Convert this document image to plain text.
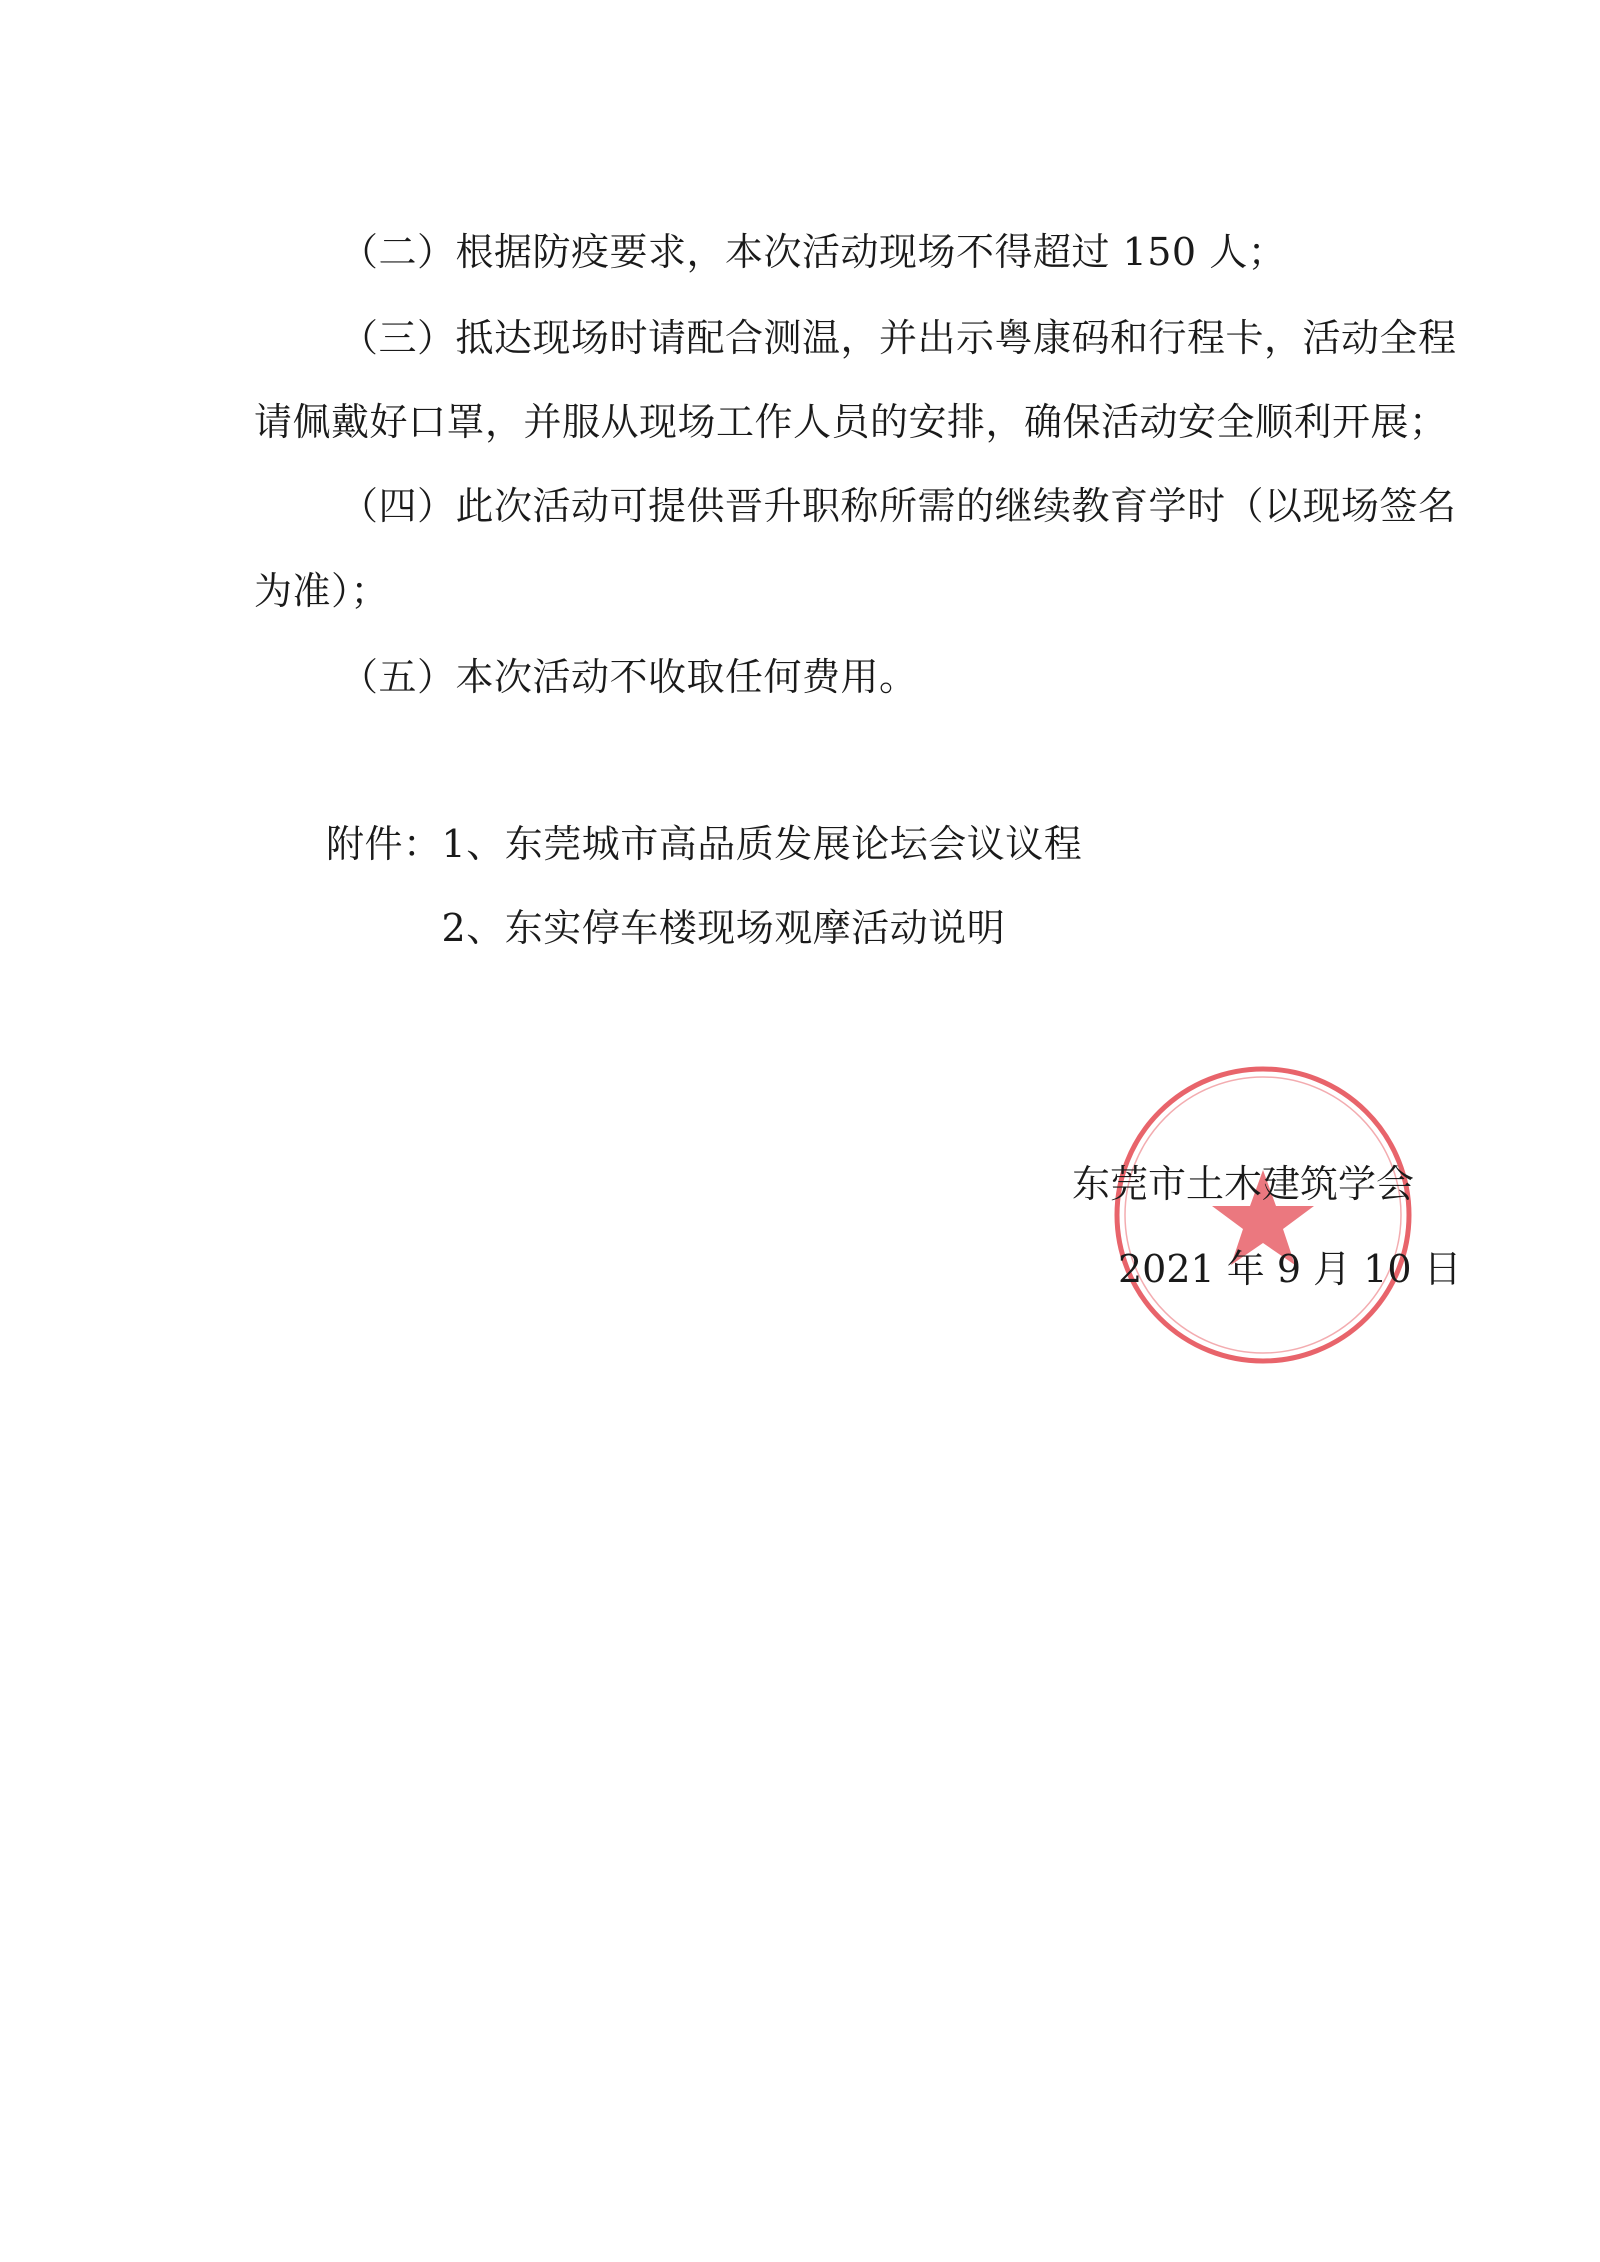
（二）根据防疫要求，本次活动现场不得超过 150 人；
（三）抵达现场时请配合测温，并出示粤康码和行程卡，活动全程
请佩戴好口罩，并服从现场工作人员的安排，确保活动安全顺利开展；
（四）此次活动可提供晋升职称所需的继续教育学时（以现场签名
为准）；
（五）本次活动不收取任何费用。
附件： 1、东莞城市高品质发展论坛会议议程
2、东实停车楼现场观摩活动说明
东莞市土木建筑学会
2021 年 9 月 10 日
